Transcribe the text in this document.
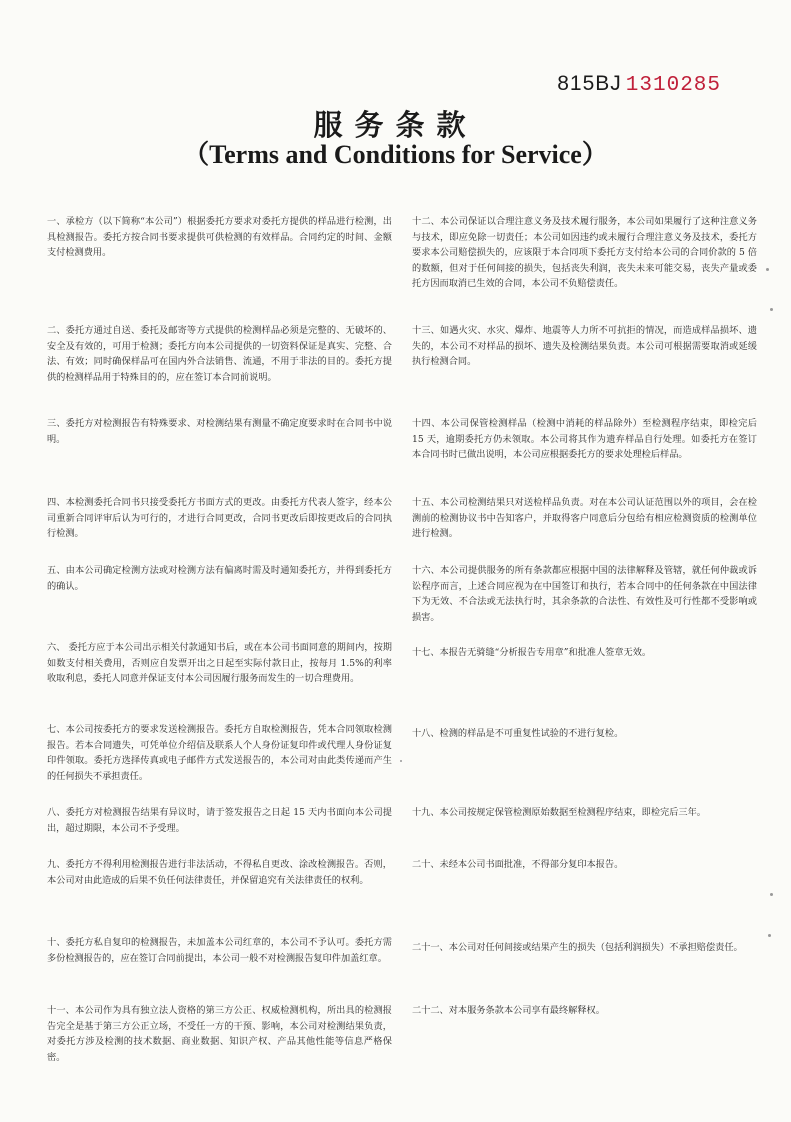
815BJ 1310285
服务条款
（Terms and Conditions for Service）
一、承检方（以下简称“本公司”）根据委托方要求对委托方提供的样品进行检测，出具检测报告。委托方按合同书要求提供可供检测的有效样品。合同约定的时间、金额支付检测费用。
二、委托方通过自送、委托及邮寄等方式提供的检测样品必须是完整的、无破坏的、安全及有效的，可用于检测；委托方向本公司提供的一切资料保证是真实、完整、合法、有效；同时确保样品可在国内外合法销售、流通，不用于非法的目的。委托方提供的检测样品用于特殊目的的，应在签订本合同前说明。
三、委托方对检测报告有特殊要求、对检测结果有测量不确定度要求时在合同书中说明。
四、本检测委托合同书只接受委托方书面方式的更改。由委托方代表人签字，经本公司重新合同评审后认为可行的，才进行合同更改，合同书更改后即按更改后的合同执行检测。
五、由本公司确定检测方法或对检测方法有偏离时需及时通知委托方，并得到委托方的确认。
六、 委托方应于本公司出示相关付款通知书后，或在本公司书面同意的期间内，按期如数支付相关费用，否则应自发票开出之日起至实际付款日止，按每月 1.5%的利率收取利息，委托人同意并保证支付本公司因履行服务而发生的一切合理费用。
七、本公司按委托方的要求发送检测报告。委托方自取检测报告，凭本合同领取检测报告。若本合同遗失，可凭单位介绍信及联系人个人身份证复印件或代理人身份证复印件领取。委托方选择传真或电子邮件方式发送报告的，本公司对由此类传递而产生的任何损失不承担责任。
八、委托方对检测报告结果有异议时，请于签发报告之日起 15 天内书面向本公司提出，超过期限，本公司不予受理。
九、委托方不得利用检测报告进行非法活动，不得私自更改、涂改检测报告。否则，本公司对由此造成的后果不负任何法律责任，并保留追究有关法律责任的权利。
十、委托方私自复印的检测报告，未加盖本公司红章的，本公司不予认可。委托方需多份检测报告的，应在签订合同前提出，本公司一般不对检测报告复印件加盖红章。
十一、本公司作为具有独立法人资格的第三方公正、权威检测机构，所出具的检测报告完全是基于第三方公正立场，不受任一方的干预、影响，本公司对检测结果负责，对委托方涉及检测的技术数据、商业数据、知识产权、产品其他性能等信息严格保密。
十二、本公司保证以合理注意义务及技术履行服务，本公司如果履行了这种注意义务与技术，即应免除一切责任；本公司如因违约或未履行合理注意义务及技术，委托方要求本公司赔偿损失的，应该限于本合同项下委托方支付给本公司的合同价款的 5 倍的数额，但对于任何间接的损失，包括丧失利润，丧失未来可能交易，丧失产量或委托方因而取消已生效的合同，本公司不负赔偿责任。
十三、如遇火灾、水灾、爆炸、地震等人力所不可抗拒的情况，而造成样品损坏、遗失的，本公司不对样品的损坏、遗失及检测结果负责。本公司可根据需要取消或延缓执行检测合同。
十四、本公司保管检测样品（检测中消耗的样品除外）至检测程序结束，即检完后 15 天，逾期委托方仍未领取。本公司将其作为遗弃样品自行处理。如委托方在签订本合同书时已做出说明，本公司应根据委托方的要求处理检后样品。
十五、本公司检测结果只对送检样品负责。对在本公司认证范围以外的项目，会在检测前的检测协议书中告知客户，并取得客户同意后分包给有相应检测资质的检测单位进行检测。
十六、本公司提供服务的所有条款都应根据中国的法律解释及管辖，就任何仲裁或诉讼程序而言，上述合同应视为在中国签订和执行，若本合同中的任何条款在中国法律下为无效、不合法或无法执行时，其余条款的合法性、有效性及可行性都不受影响或损害。
十七、本报告无骑缝“分析报告专用章”和批准人签章无效。
十八、检测的样品是不可重复性试验的不进行复检。
十九、本公司按规定保管检测原始数据至检测程序结束，即检完后三年。
二十、未经本公司书面批准，不得部分复印本报告。
二十一、本公司对任何间接或结果产生的损失（包括利润损失）不承担赔偿责任。
二十二、对本服务条款本公司享有最终解释权。
